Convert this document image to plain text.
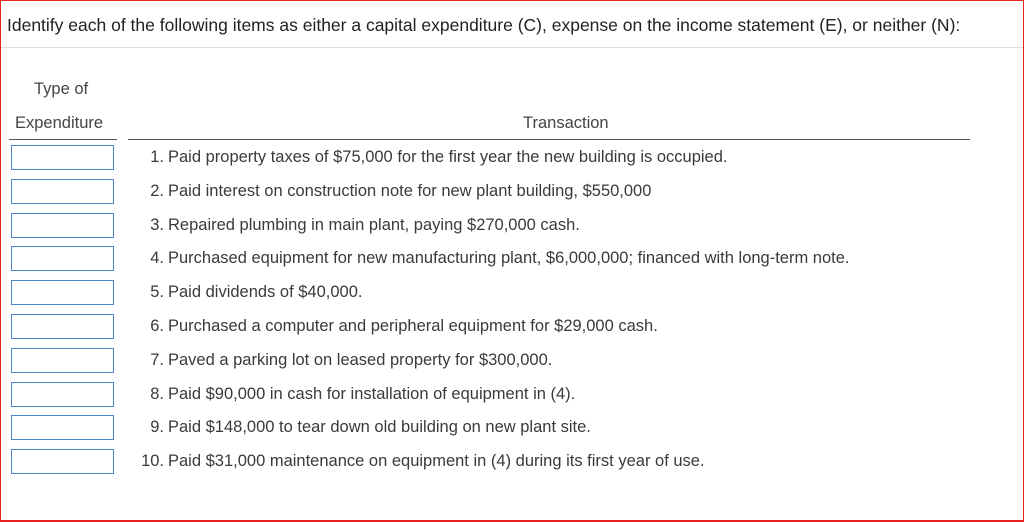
Identify each of the following items as either a capital expenditure (C), expense on the income statement (E), or neither (N):
Type of
Expenditure	Transaction
1. Paid property taxes of $75,000 for the first year the new building is occupied.
2. Paid interest on construction note for new plant building, $550,000
3. Repaired plumbing in main plant, paying $270,000 cash.
4. Purchased equipment for new manufacturing plant, $6,000,000; financed with long-term note.
5. Paid dividends of $40,000.
6. Purchased a computer and peripheral equipment for $29,000 cash.
7. Paved a parking lot on leased property for $300,000.
8. Paid $90,000 in cash for installation of equipment in (4).
9. Paid $148,000 to tear down old building on new plant site.
10. Paid $31,000 maintenance on equipment in (4) during its first year of use.
